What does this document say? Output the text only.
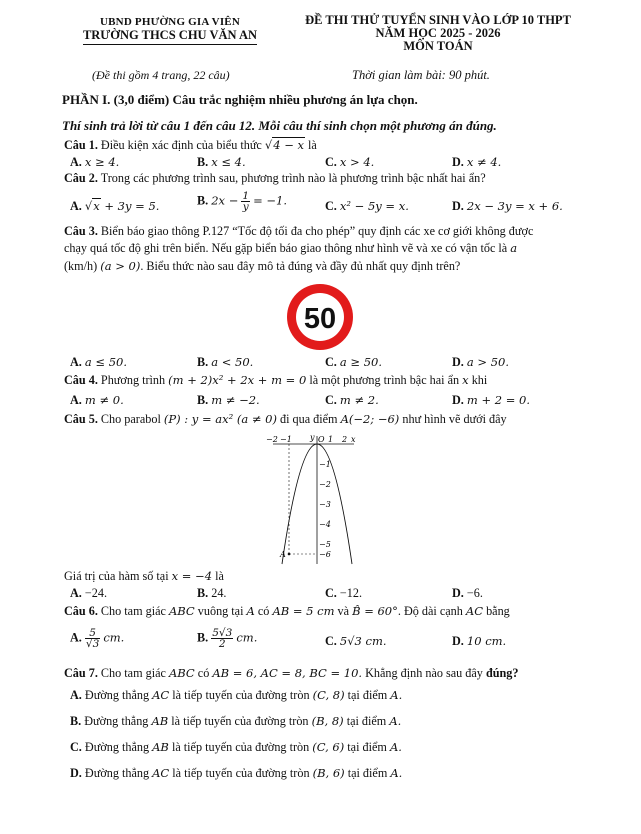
UBND PHƯỜNG GIA VIÊN
TRƯỜNG THCS CHU VĂN AN
ĐỀ THI THỬ TUYỂN SINH VÀO LỚP 10 THPT
NĂM HỌC 2025 - 2026
MÔN TOÁN
(Đề thi gồm 4 trang, 22 câu)	Thời gian làm bài: 90 phút.
PHẦN I. (3,0 điểm) Câu trắc nghiệm nhiều phương án lựa chọn.
Thí sinh trả lời từ câu 1 đến câu 12. Mỗi câu thí sinh chọn một phương án đúng.
Câu 1. Điều kiện xác định của biểu thức √4 − x là
A. x ≥ 4.	B. x ≤ 4.	C. x > 4.	D. x ≠ 4.
Câu 2. Trong các phương trình sau, phương trình nào là phương trình bậc nhất hai ẩn?
A. √x + 3y = 5.	B. $2x - \frac{1}{y} = -1$.	C. x² − 5y = x.	D. 2x − 3y = x + 6.
Câu 3. Biển báo giao thông P.127 “Tốc độ tối đa cho phép” quy định các xe cơ giới không được
chạy quá tốc độ ghi trên biển. Nếu gặp biển báo giao thông như hình vẽ và xe có vận tốc là a
(km/h) (a > 0). Biểu thức nào sau đây mô tả đúng và đầy đủ nhất quy định trên?
50
A. a ≤ 50.	B. a < 50.	C. a ≥ 50.	D. a > 50.
Câu 4. Phương trình (m + 2)x² + 2x + m = 0 là một phương trình bậc hai ẩn x khi
A. m ≠ 0.	B. m ≠ −2.	C. m ≠ 2.	D. m + 2 = 0.
Câu 5. Cho parabol (P) : y = ax² (a ≠ 0) đi qua điểm A(−2; −6) như hình vẽ dưới đây
−2 −1	O 1 2 x
y
−1
−2
−3
−4
−5
−6
A
Giá trị của hàm số tại x = −4 là
A. −24.	B. 24.	C. −12.	D. −6.
Câu 6. Cho tam giác ABC vuông tại A có AB = 5 cm và B̂ = 60°. Độ dài cạnh AC bằng
A. $\frac{5}{√3}$ cm.	B. $\frac{5√3}{2}$ cm.	C. 5√3 cm.	D. 10 cm.
Câu 7. Cho tam giác ABC có AB = 6, AC = 8, BC = 10. Khẳng định nào sau đây đúng?
A. Đường thẳng AC là tiếp tuyến của đường tròn (C, 8) tại điểm A.
B. Đường thẳng AB là tiếp tuyến của đường tròn (B, 8) tại điểm A.
C. Đường thẳng AB là tiếp tuyến của đường tròn (C, 6) tại điểm A.
D. Đường thẳng AC là tiếp tuyến của đường tròn (B, 6) tại điểm A.
